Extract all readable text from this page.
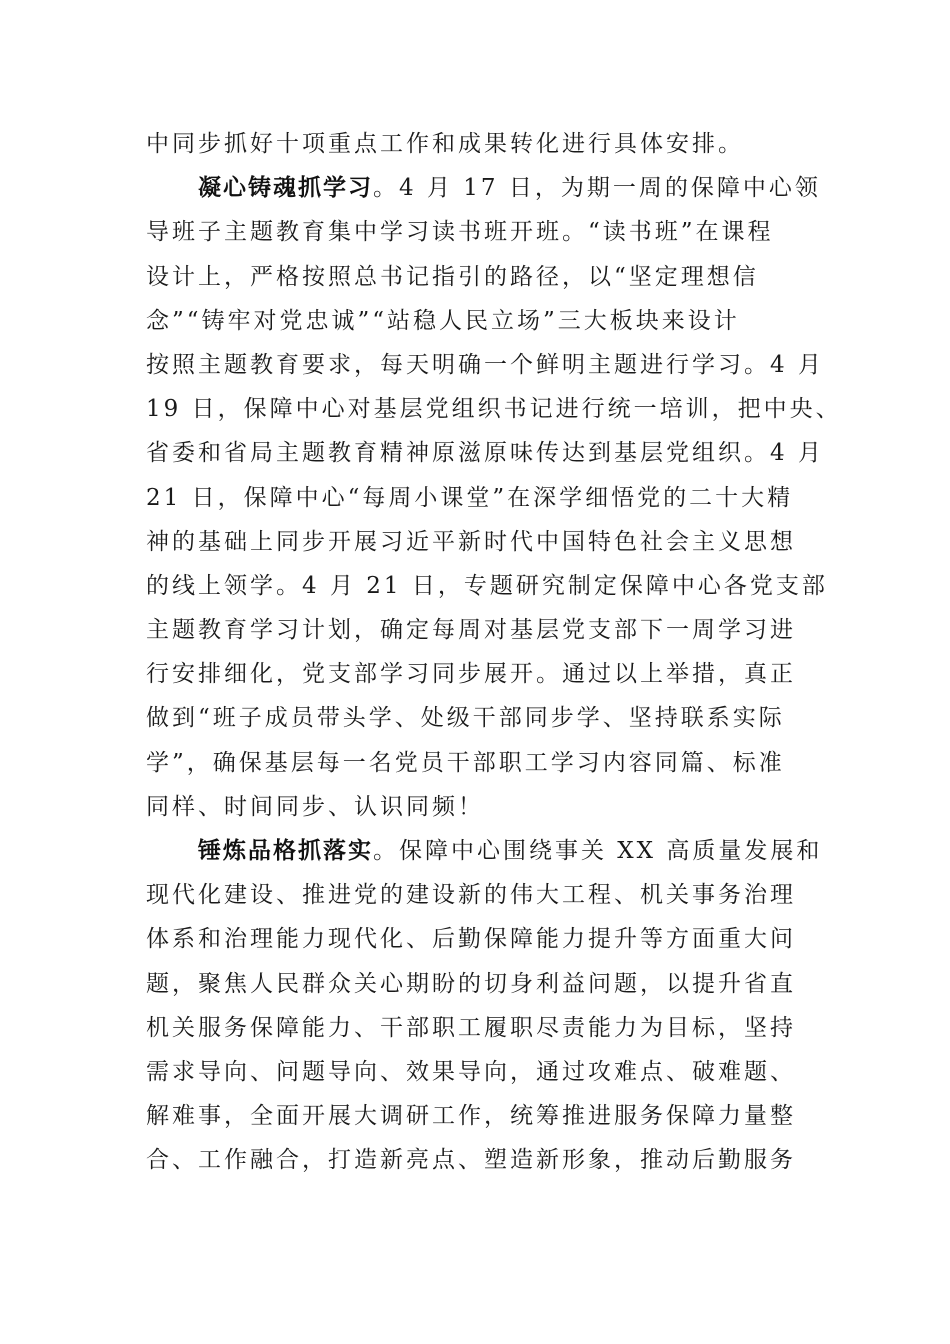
中同步抓好十项重点工作和成果转化进行具体安排。
凝心铸魂抓学习。4 月 17 日，为期一周的保障中心领
导班子主题教育集中学习读书班开班。“读书班”在课程
设计上，严格按照总书记指引的路径，以“坚定理想信
念”“铸牢对党忠诚”“站稳人民立场”三大板块来设计
按照主题教育要求，每天明确一个鲜明主题进行学习。4 月
19 日，保障中心对基层党组织书记进行统一培训，把中央、
省委和省局主题教育精神原滋原味传达到基层党组织。4 月
21 日，保障中心“每周小课堂”在深学细悟党的二十大精
神的基础上同步开展习近平新时代中国特色社会主义思想
的线上领学。4 月 21 日，专题研究制定保障中心各党支部
主题教育学习计划，确定每周对基层党支部下一周学习进
行安排细化，党支部学习同步展开。通过以上举措，真正
做到“班子成员带头学、处级干部同步学、坚持联系实际
学”，确保基层每一名党员干部职工学习内容同篇、标准
同样、时间同步、认识同频！
锤炼品格抓落实。保障中心围绕事关 XX 高质量发展和
现代化建设、推进党的建设新的伟大工程、机关事务治理
体系和治理能力现代化、后勤保障能力提升等方面重大问
题，聚焦人民群众关心期盼的切身利益问题，以提升省直
机关服务保障能力、干部职工履职尽责能力为目标，坚持
需求导向、问题导向、效果导向，通过攻难点、破难题、
解难事，全面开展大调研工作，统筹推进服务保障力量整
合、工作融合，打造新亮点、塑造新形象，推动后勤服务
